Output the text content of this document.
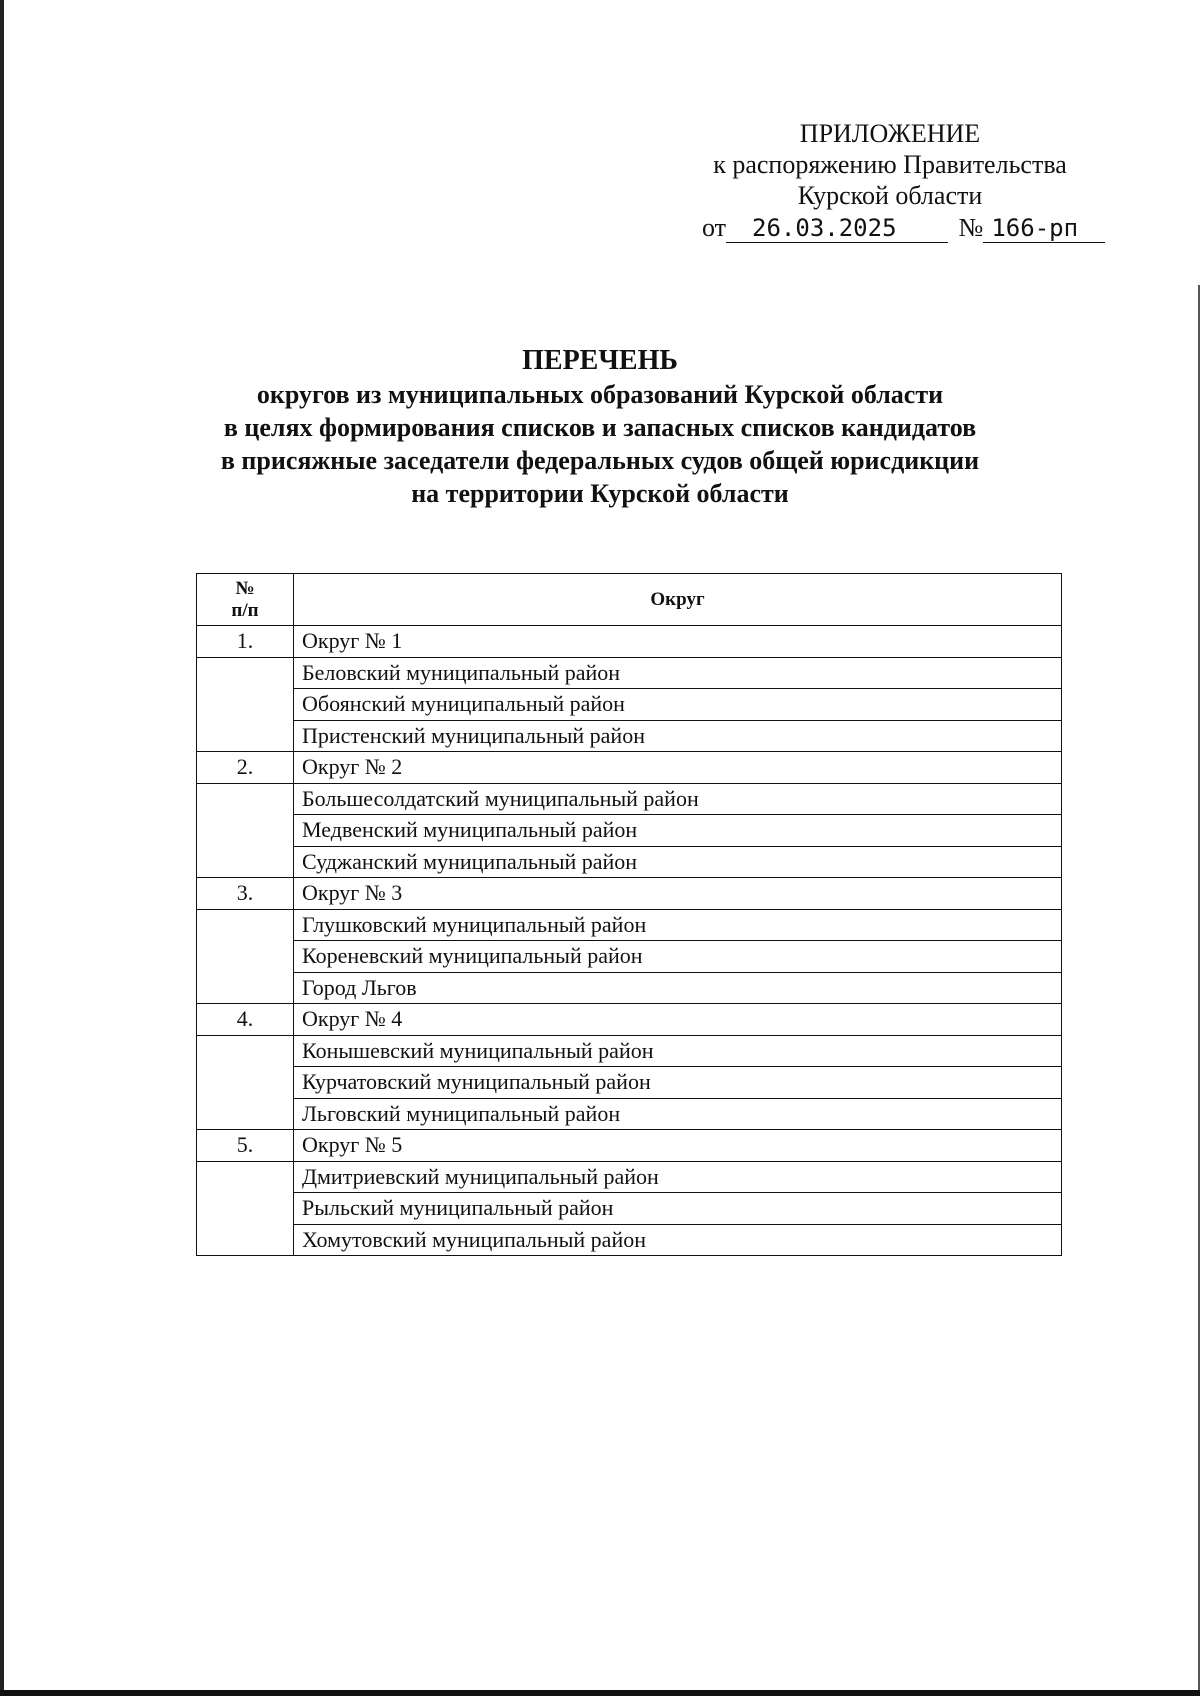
ПРИЛОЖЕНИЕ
к распоряжению Правительства
Курской области
от 26.03.2025 № 166-рп
ПЕРЕЧЕНЬ
округов из муниципальных образований Курской области
в целях формирования списков и запасных списков кандидатов
в присяжные заседатели федеральных судов общей юрисдикции
на территории Курской области
№
п/п	Округ
1.	Округ № 1
	Беловский муниципальный район
	Обоянский муниципальный район
	Пристенский муниципальный район
2.	Округ № 2
	Большесолдатский муниципальный район
	Медвенский муниципальный район
	Суджанский муниципальный район
3.	Округ № 3
	Глушковский муниципальный район
	Кореневский муниципальный район
	Город Льгов
4.	Округ № 4
	Конышевский муниципальный район
	Курчатовский муниципальный район
	Льговский муниципальный район
5.	Округ № 5
	Дмитриевский муниципальный район
	Рыльский муниципальный район
	Хомутовский муниципальный район
